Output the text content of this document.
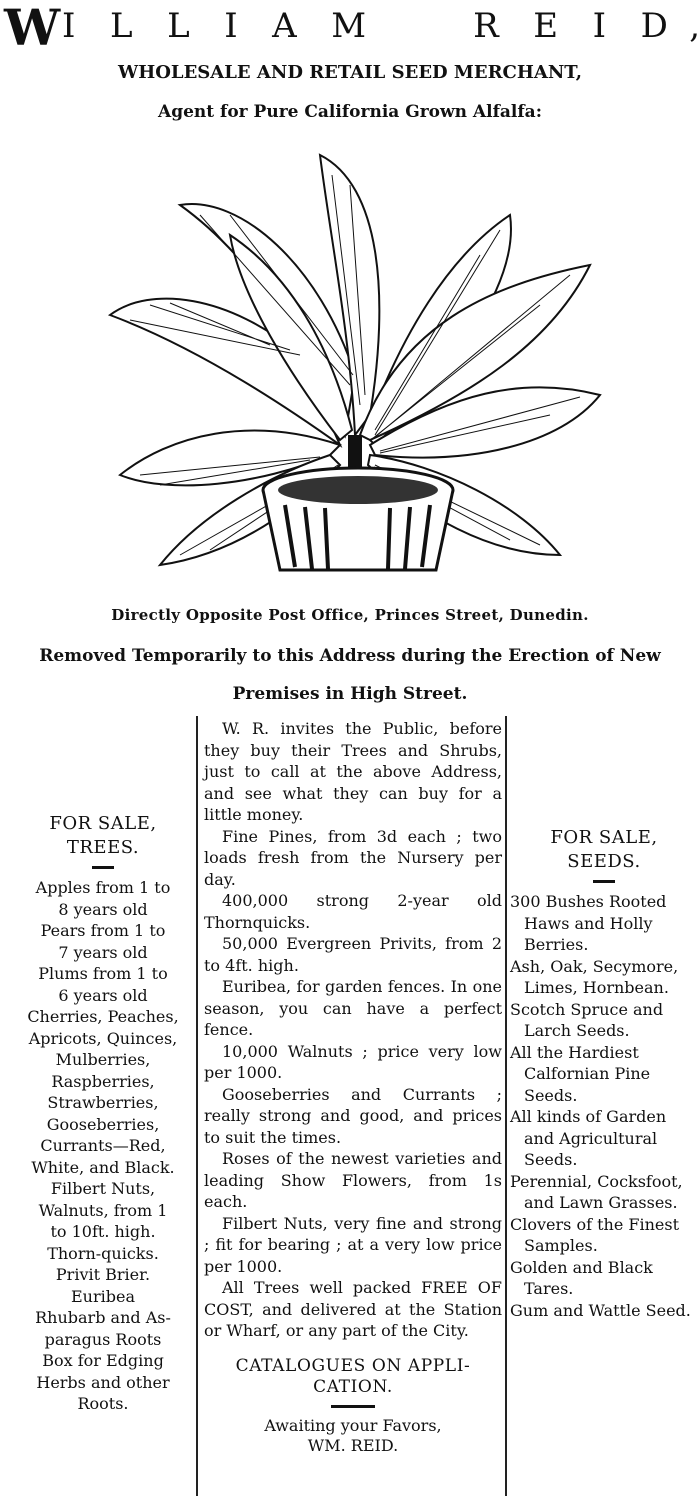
W I L L I A M	R E I D ,
WHOLESALE AND RETAIL SEED MERCHANT,
Agent for Pure California Grown Alfalfa:
Directly Opposite Post Office, Princes Street, Dunedin.
Removed Temporarily to this Address during the Erection of New
Premises in High Street.
FOR SALE,
TREES.
Apples from 1 to
8 years old
Pears from 1 to
7 years old
Plums from 1 to
6 years old
Cherries, Peaches,
Apricots, Quinces,
Mulberries,
Raspberries,
Strawberries,
Gooseberries,
Currants—Red,
White, and Black.
Filbert Nuts,
Walnuts, from 1
to 10ft. high.
Thorn-quicks.
Privit Brier.
Euribea
Rhubarb and As-
paragus Roots
Box for Edging
Herbs and other
Roots.

W. R. invites the Public, before they buy their Trees and Shrubs, just to call at the above Address, and see what they can buy for a little money.

Fine Pines, from 3d each ; two loads fresh from the Nursery per day.

400,000 strong 2-year old Thornquicks.

50,000 Evergreen Privits, from 2 to 4ft. high.

Euribea, for garden fences. In one season, you can have a perfect fence.

10,000 Walnuts ; price very low per 1000.

Gooseberries and Currants ; really strong and good, and prices to suit the times.

Roses of the newest varieties and leading Show Flowers, from 1s each.

Filbert Nuts, very fine and strong ; fit for bearing ; at a very low price per 1000.

All Trees well packed FREE OF COST, and delivered at the Station or Wharf, or any part of the City.

CATALOGUES ON APPLI-
CATION.
Awaiting your Favors,
WM. REID.
FOR SALE,
SEEDS.
300 Bushes Rooted Haws and Holly Berries.
Ash, Oak, Secymore, Limes, Hornbean.
Scotch Spruce and Larch Seeds.
All the Hardiest Calfornian Pine Seeds.
All kinds of Garden and Agricultural Seeds.
Perennial, Cocksfoot, and Lawn Grasses.
Clovers of the Finest Samples.
Golden and Black Tares.
Gum and Wattle Seed.
